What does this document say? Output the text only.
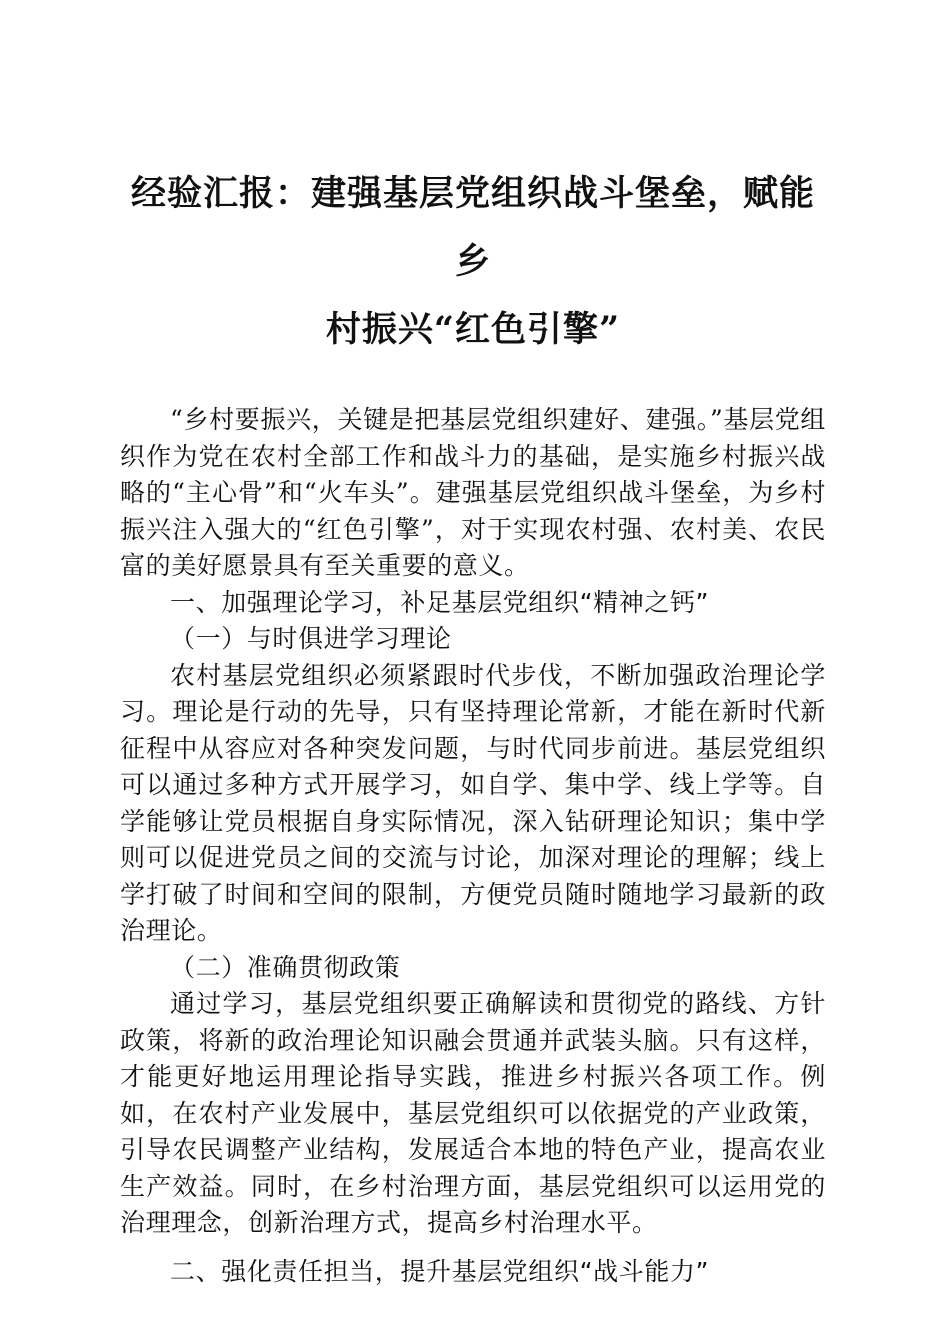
经验汇报：建强基层党组织战斗堡垒，赋能乡
村振兴“红色引擎”

“乡村要振兴，关键是把基层党组织建好、建强。”基层党组织作为党在农村全部工作和战斗力的基础，是实施乡村振兴战略的“主心骨”和“火车头”。建强基层党组织战斗堡垒，为乡村振兴注入强大的“红色引擎”，对于实现农村强、农村美、农民富的美好愿景具有至关重要的意义。

一、加强理论学习，补足基层党组织“精神之钙”

（一）与时俱进学习理论

农村基层党组织必须紧跟时代步伐，不断加强政治理论学习。理论是行动的先导，只有坚持理论常新，才能在新时代新征程中从容应对各种突发问题，与时代同步前进。基层党组织可以通过多种方式开展学习，如自学、集中学、线上学等。自学能够让党员根据自身实际情况，深入钻研理论知识；集中学则可以促进党员之间的交流与讨论，加深对理论的理解；线上学打破了时间和空间的限制，方便党员随时随地学习最新的政治理论。

（二）准确贯彻政策

通过学习，基层党组织要正确解读和贯彻党的路线、方针政策，将新的政治理论知识融会贯通并武装头脑。只有这样，才能更好地运用理论指导实践，推进乡村振兴各项工作。例如，在农村产业发展中，基层党组织可以依据党的产业政策，引导农民调整产业结构，发展适合本地的特色产业，提高农业生产效益。同时，在乡村治理方面，基层党组织可以运用党的治理理念，创新治理方式，提高乡村治理水平。

二、强化责任担当，提升基层党组织“战斗能力”
